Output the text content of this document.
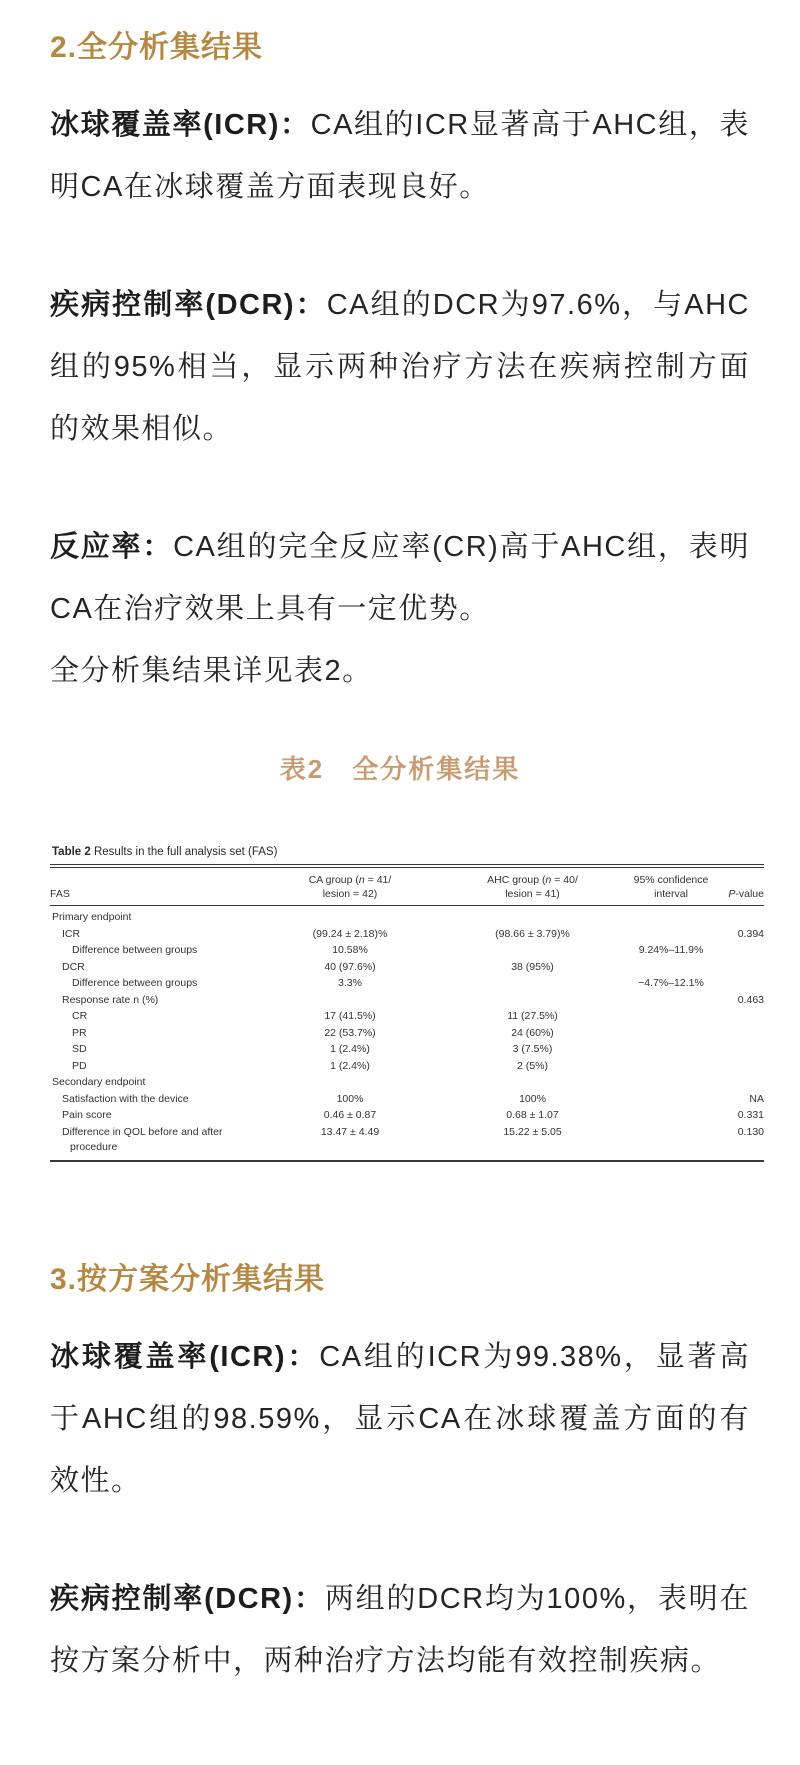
2.全分析集结果

冰球覆盖率(ICR)：CA组的ICR显著高于AHC组，表明CA在冰球覆盖方面表现良好。

疾病控制率(DCR)：CA组的DCR为97.6%，与AHC组的95%相当，显示两种治疗方法在疾病控制方面的效果相似。

反应率：CA组的完全反应率(CR)高于AHC组，表明CA在治疗效果上具有一定优势。

全分析集结果详见表2。

表2　全分析集结果

Table 2 Results in the full analysis set (FAS)

FAS	CA group (n = 41/
lesion = 42)	AHC group (n = 40/
lesion = 41)	95% confidence
interval	P-value

Primary endpoint				

ICR	(99.24 ± 2.18)%	(98.66 ± 3.79)%		0.394

Difference between groups	10.58%		9.24%–11.9%	

DCR	40 (97.6%)	38 (95%)		

Difference between groups	3.3%		−4.7%–12.1%	

Response rate n (%)				0.463

CR	17 (41.5%)	11 (27.5%)		

PR	22 (53.7%)	24 (60%)		

SD	1 (2.4%)	3 (7.5%)		

PD	1 (2.4%)	2 (5%)		

Secondary endpoint				

Satisfaction with the device	100%	100%		NA

Pain score	0.46 ± 0.87	0.68 ± 1.07		0.331

Difference in QOL before and after procedure	13.47 ± 4.49	15.22 ± 5.05		0.130
3.按方案分析集结果

冰球覆盖率(ICR)：CA组的ICR为99.38%，显著高于AHC组的98.59%，显示CA在冰球覆盖方面的有效性。

疾病控制率(DCR)：两组的DCR均为100%，表明在按方案分析中，两种治疗方法均能有效控制疾病。
